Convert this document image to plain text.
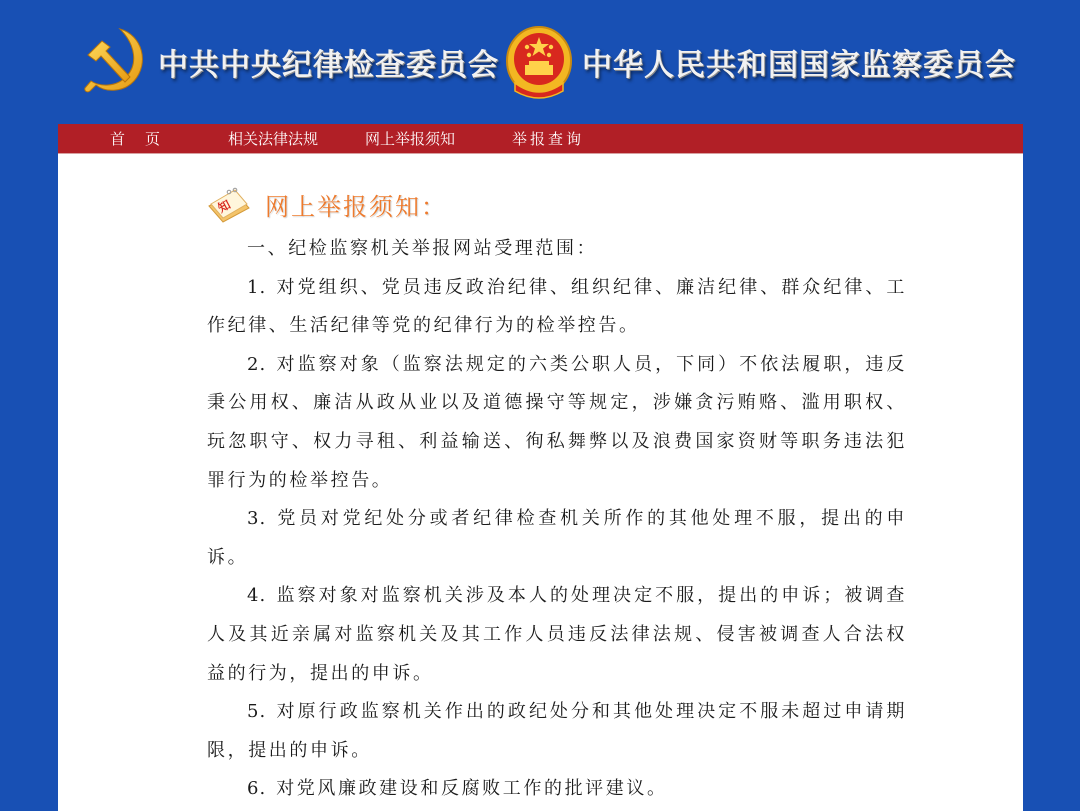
中共中央纪律检查委员会	中华人民共和国国家监察委员会
首页	相关法律法规	网上举报须知	举报查询
知 网上举报须知：

一、纪检监察机关举报网站受理范围：

1. 对党组织、党员违反政治纪律、组织纪律、廉洁纪律、群众纪律、工作纪律、生活纪律等党的纪律行为的检举控告。

2. 对监察对象（监察法规定的六类公职人员，下同）不依法履职，违反秉公用权、廉洁从政从业以及道德操守等规定，涉嫌贪污贿赂、滥用职权、玩忽职守、权力寻租、利益输送、徇私舞弊以及浪费国家资财等职务违法犯罪行为的检举控告。

3. 党员对党纪处分或者纪律检查机关所作的其他处理不服，提出的申诉。

4. 监察对象对监察机关涉及本人的处理决定不服，提出的申诉；被调查人及其近亲属对监察机关及其工作人员违反法律法规、侵害被调查人合法权益的行为，提出的申诉。

5. 对原行政监察机关作出的政纪处分和其他处理决定不服未超过申请期限，提出的申诉。

6. 对党风廉政建设和反腐败工作的批评建议。
